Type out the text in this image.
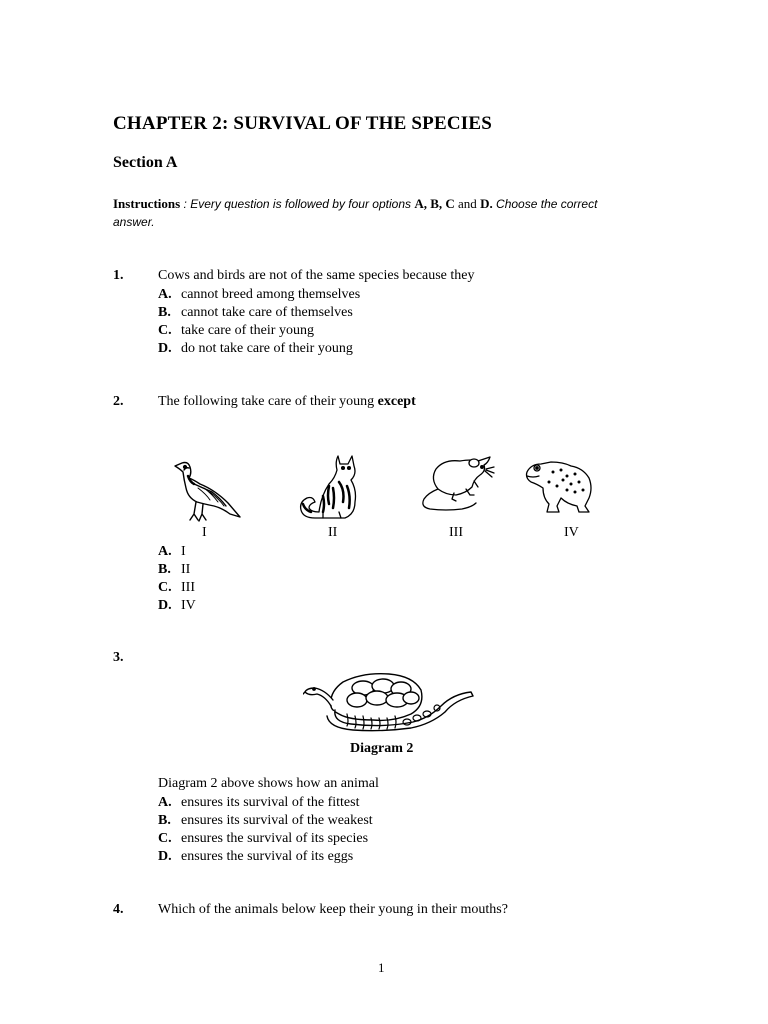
CHAPTER 2: SURVIVAL OF THE SPECIES
Section A
Instructions : Every question is followed by four options A, B, C and D. Choose the correct answer.
1. Cows and birds are not of the same species because they
A. cannot breed among themselves
B. cannot take care of themselves
C. take care of their young
D. do not take care of their young
2. The following take care of their young except
I	II	III	IV
A. I
B. II
C. III
D. IV
3.
Diagram 2
Diagram 2 above shows how an animal
A. ensures its survival of the fittest
B. ensures its survival of the weakest
C. ensures the survival of its species
D. ensures the survival of its eggs
4. Which of the animals below keep their young in their mouths?
1
